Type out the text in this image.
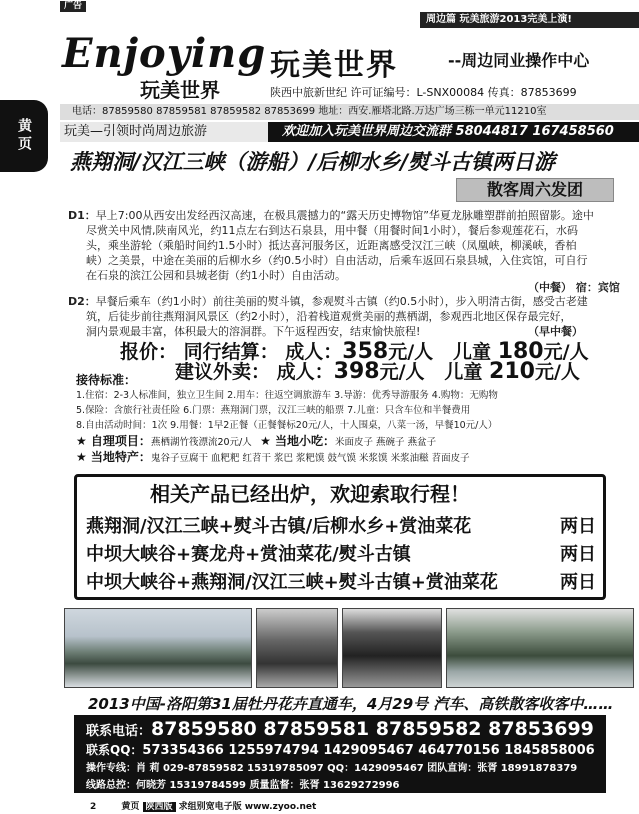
广告
周边篇 玩美旅游2013完美上演!
黄页
Enjoying
玩美世界
玩美世界	--周边同业操作中心
陕西中旅新世纪 许可证编号：L-SNX00084 传真：87853699
电话：87859580 87859581 87859582 87853699 地址：西安.雁塔北路.万达广场三栋一单元11210室
玩美—引领时尚周边旅游	欢迎加入玩美世界周边交流群 58044817 167458560
燕翔洞/汉江三峡（游船）/后柳水乡/熨斗古镇两日游
散客周六发团
D1：早上7:00从西安出发经西汉高速，在极具震撼力的“露天历史博物馆”华夏龙脉雕塑群前拍照留影。途中
尽赏关中风情,陕南风光，约11点左右到达石泉县，用中餐（用餐时间1小时），餐后参观莲花石，水码
头，乘坐游轮（乘船时间约1.5小时）抵达喜河服务区，近距离感受汉江三峡（凤凰峡，柳溪峡，香柏
峡）之美景，中途在美丽的后柳水乡（约0.5小时）自由活动，后乘车返回石泉县城，入住宾馆，可自行
在石泉的滨江公园和县城老街（约1小时）自由活动。
（中餐） 宿：宾馆
D2：早餐后乘车（约1小时）前往美丽的熨斗镇，参观熨斗古镇（约0.5小时），步入明清古街，感受古老建
筑，后徒步前往燕翔洞风景区（约2小时），沿着栈道观赏美丽的燕栖湖，参观西北地区保存最完好，
洞内景观最丰富，体积最大的溶洞群。下午返程西安，结束愉快旅程!	（早中餐）
报价： 同行结算： 成人：358元/人 儿童 180元/人
建议外卖： 成人：398元/人 儿童 210元/人
接待标准：
1.住宿：2-3人标准间，独立卫生间 2.用车：往返空调旅游车 3.导游：优秀导游服务 4.购物：无购物
5.保险：含旅行社责任险 6.门票：燕翔洞门票，汉江三峡的船票 7.儿童：只含车位和半餐费用
8.自由活动时间：1次 9.用餐：1早2正餐（正餐餐标20元/人，十人围桌，八菜一汤，早餐10元/人）
★ 自理项目：燕栖湖竹筏漂流20元/人 ★ 当地小吃：米面皮子 燕碗子 燕盆子
★ 当地特产：鬼谷子豆腐干 血粑粑 红苕干 浆巴 浆粑馍 鼓气馍 米浆馍 米浆油糍 苕面皮子
相关产品已经出炉，欢迎索取行程！
燕翔洞/汉江三峡+熨斗古镇/后柳水乡+赏油菜花	两日
中坝大峡谷+赛龙舟+赏油菜花/熨斗古镇	两日
中坝大峡谷+燕翔洞/汉江三峡+熨斗古镇+赏油菜花	两日
2013中国-洛阳第31届牡丹花卉直通车，4月29号 汽车、高铁散客收客中……
联系电话：87859580 87859581 87859582 87853699
联系QQ：573354366 1255974794 1429095467 464770156 1845858006
操作专线：肖 莉 029-87859582 15319785097 QQ：1429095467 团队直询：张胥 18991878379
线路总控：何晓芳 15319784599 质量监督：张胥 13629272996
2	黄页 陕西版 求组别宽电子版 www.zyoo.net
